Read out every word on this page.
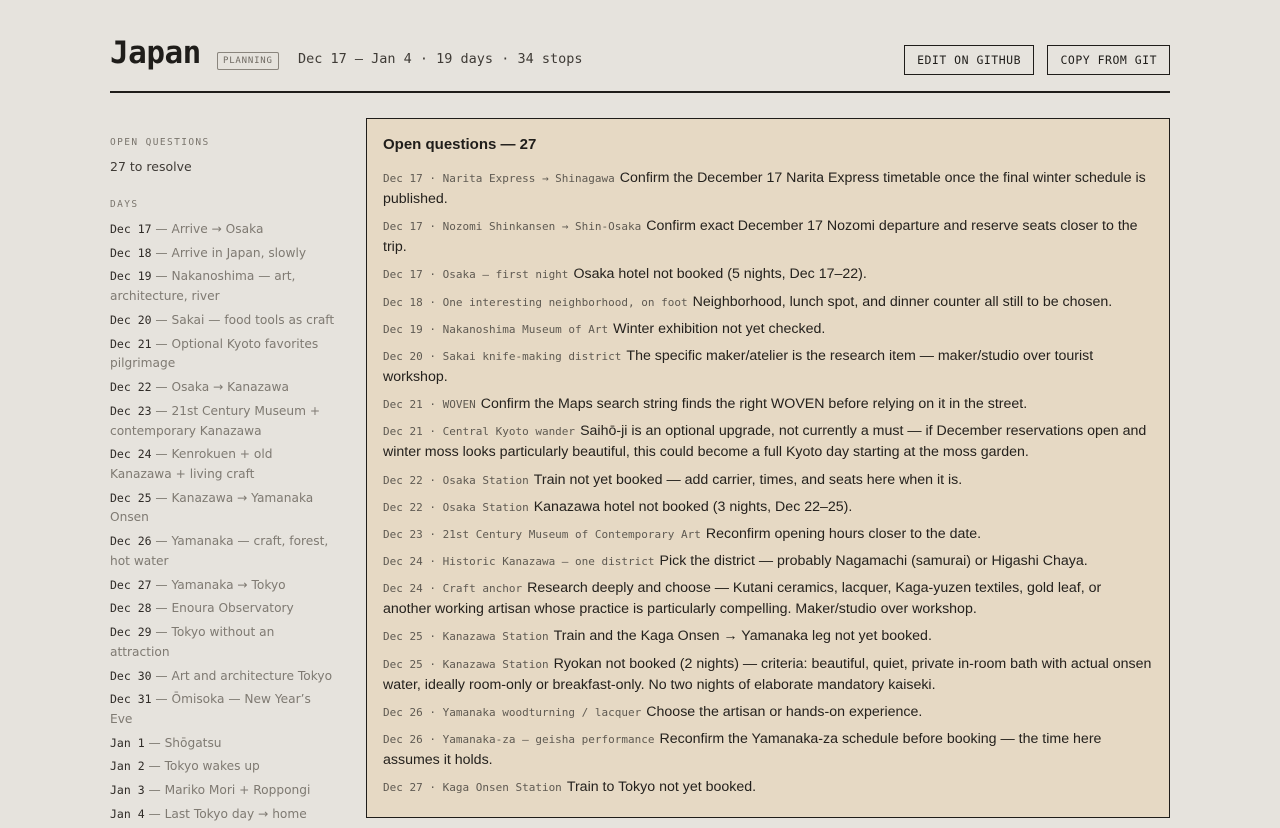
Japan	PLANNING	Dec 17 — Jan 4 · 19 days · 34 stops	EDIT ON GITHUB	COPY FROM GIT

OPEN QUESTIONS

27 to resolve

DAYS

Dec 17 — Arrive → Osaka
Dec 18 — Arrive in Japan, slowly
Dec 19 — Nakanoshima — art, architecture, river
Dec 20 — Sakai — food tools as craft
Dec 21 — Optional Kyoto favorites pilgrimage
Dec 22 — Osaka → Kanazawa
Dec 23 — 21st Century Museum + contemporary Kanazawa
Dec 24 — Kenrokuen + old Kanazawa + living craft
Dec 25 — Kanazawa → Yamanaka Onsen
Dec 26 — Yamanaka — craft, forest, hot water
Dec 27 — Yamanaka → Tokyo
Dec 28 — Enoura Observatory
Dec 29 — Tokyo without an attraction
Dec 30 — Art and architecture Tokyo
Dec 31 — Ōmisoka — New Year’s Eve
Jan 1 — Shōgatsu
Jan 2 — Tokyo wakes up
Jan 3 — Mariko Mori + Roppongi
Jan 4 — Last Tokyo day → home
Open questions — 27
Dec 17 · Narita Express → Shinagawa Confirm the December 17 Narita Express timetable once the final winter schedule is published.
Dec 17 · Nozomi Shinkansen → Shin-Osaka Confirm exact December 17 Nozomi departure and reserve seats closer to the trip.
Dec 17 · Osaka — first night Osaka hotel not booked (5 nights, Dec 17–22).
Dec 18 · One interesting neighborhood, on foot Neighborhood, lunch spot, and dinner counter all still to be chosen.
Dec 19 · Nakanoshima Museum of Art Winter exhibition not yet checked.
Dec 20 · Sakai knife-making district The specific maker/atelier is the research item — maker/studio over tourist workshop.
Dec 21 · WOVEN Confirm the Maps search string finds the right WOVEN before relying on it in the street.
Dec 21 · Central Kyoto wander Saihō-ji is an optional upgrade, not currently a must — if December reservations open and winter moss looks particularly beautiful, this could become a full Kyoto day starting at the moss garden.
Dec 22 · Osaka Station Train not yet booked — add carrier, times, and seats here when it is.
Dec 22 · Osaka Station Kanazawa hotel not booked (3 nights, Dec 22–25).
Dec 23 · 21st Century Museum of Contemporary Art Reconfirm opening hours closer to the date.
Dec 24 · Historic Kanazawa — one district Pick the district — probably Nagamachi (samurai) or Higashi Chaya.
Dec 24 · Craft anchor Research deeply and choose — Kutani ceramics, lacquer, Kaga-yuzen textiles, gold leaf, or another working artisan whose practice is particularly compelling. Maker/studio over workshop.
Dec 25 · Kanazawa Station Train and the Kaga Onsen → Yamanaka leg not yet booked.
Dec 25 · Kanazawa Station Ryokan not booked (2 nights) — criteria: beautiful, quiet, private in-room bath with actual onsen water, ideally room-only or breakfast-only. No two nights of elaborate mandatory kaiseki.
Dec 26 · Yamanaka woodturning / lacquer Choose the artisan or hands-on experience.
Dec 26 · Yamanaka-za — geisha performance Reconfirm the Yamanaka-za schedule before booking — the time here assumes it holds.
Dec 27 · Kaga Onsen Station Train to Tokyo not yet booked.
